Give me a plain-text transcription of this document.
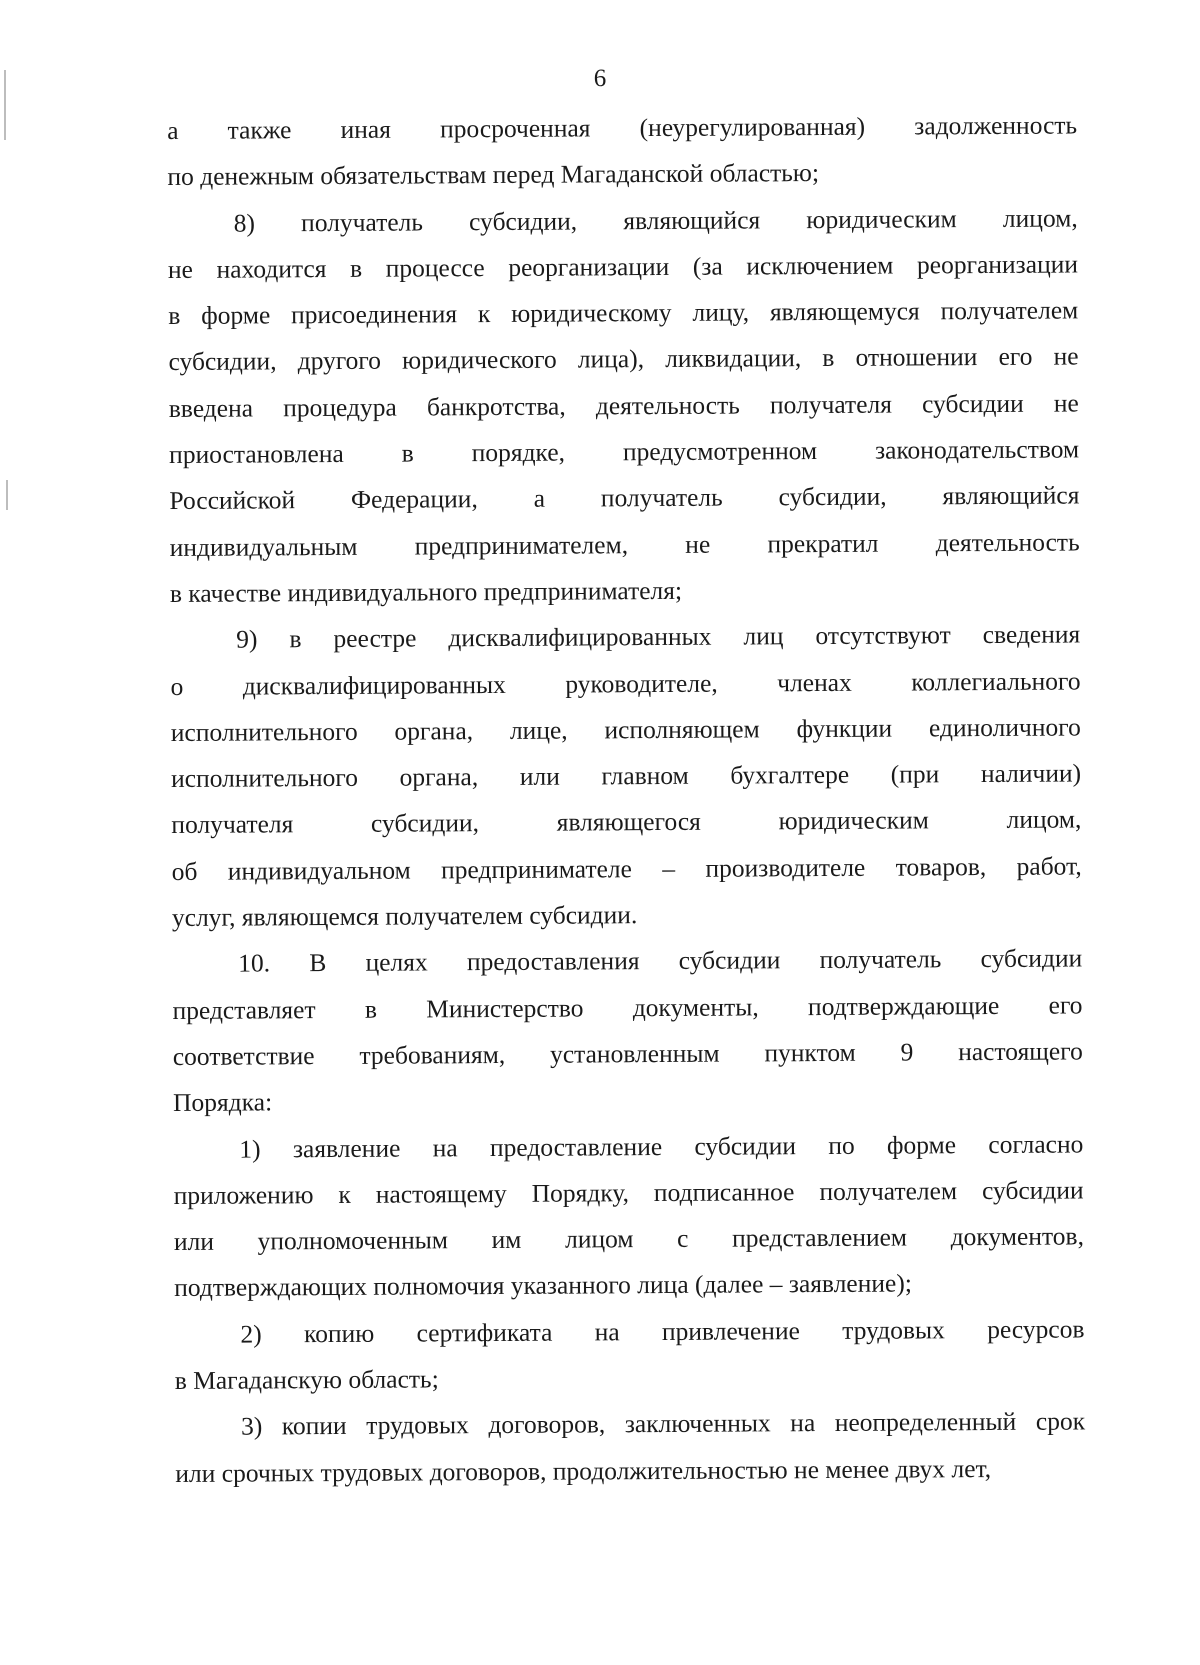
6
а также иная просроченная (неурегулированная) задолженность
по денежным обязательствам перед Магаданской областью;
8) получатель субсидии, являющийся юридическим лицом,
не находится в процессе реорганизации (за исключением реорганизации
в форме присоединения к юридическому лицу, являющемуся получателем
субсидии, другого юридического лица), ликвидации, в отношении его не
введена процедура банкротства, деятельность получателя субсидии не
приостановлена в порядке, предусмотренном законодательством
Российской Федерации, а получатель субсидии, являющийся
индивидуальным предпринимателем, не прекратил деятельность
в качестве индивидуального предпринимателя;
9) в реестре дисквалифицированных лиц отсутствуют сведения
о дисквалифицированных руководителе, членах коллегиального
исполнительного органа, лице, исполняющем функции единоличного
исполнительного органа, или главном бухгалтере (при наличии)
получателя субсидии, являющегося юридическим лицом,
об индивидуальном предпринимателе – производителе товаров, работ,
услуг, являющемся получателем субсидии.
10. В целях предоставления субсидии получатель субсидии
представляет в Министерство документы, подтверждающие его
соответствие требованиям, установленным пунктом 9 настоящего
Порядка:
1) заявление на предоставление субсидии по форме согласно
приложению к настоящему Порядку, подписанное получателем субсидии
или уполномоченным им лицом с представлением документов,
подтверждающих полномочия указанного лица (далее – заявление);
2) копию сертификата на привлечение трудовых ресурсов
в Магаданскую область;
3) копии трудовых договоров, заключенных на неопределенный срок
или срочных трудовых договоров, продолжительностью не менее двух лет,
